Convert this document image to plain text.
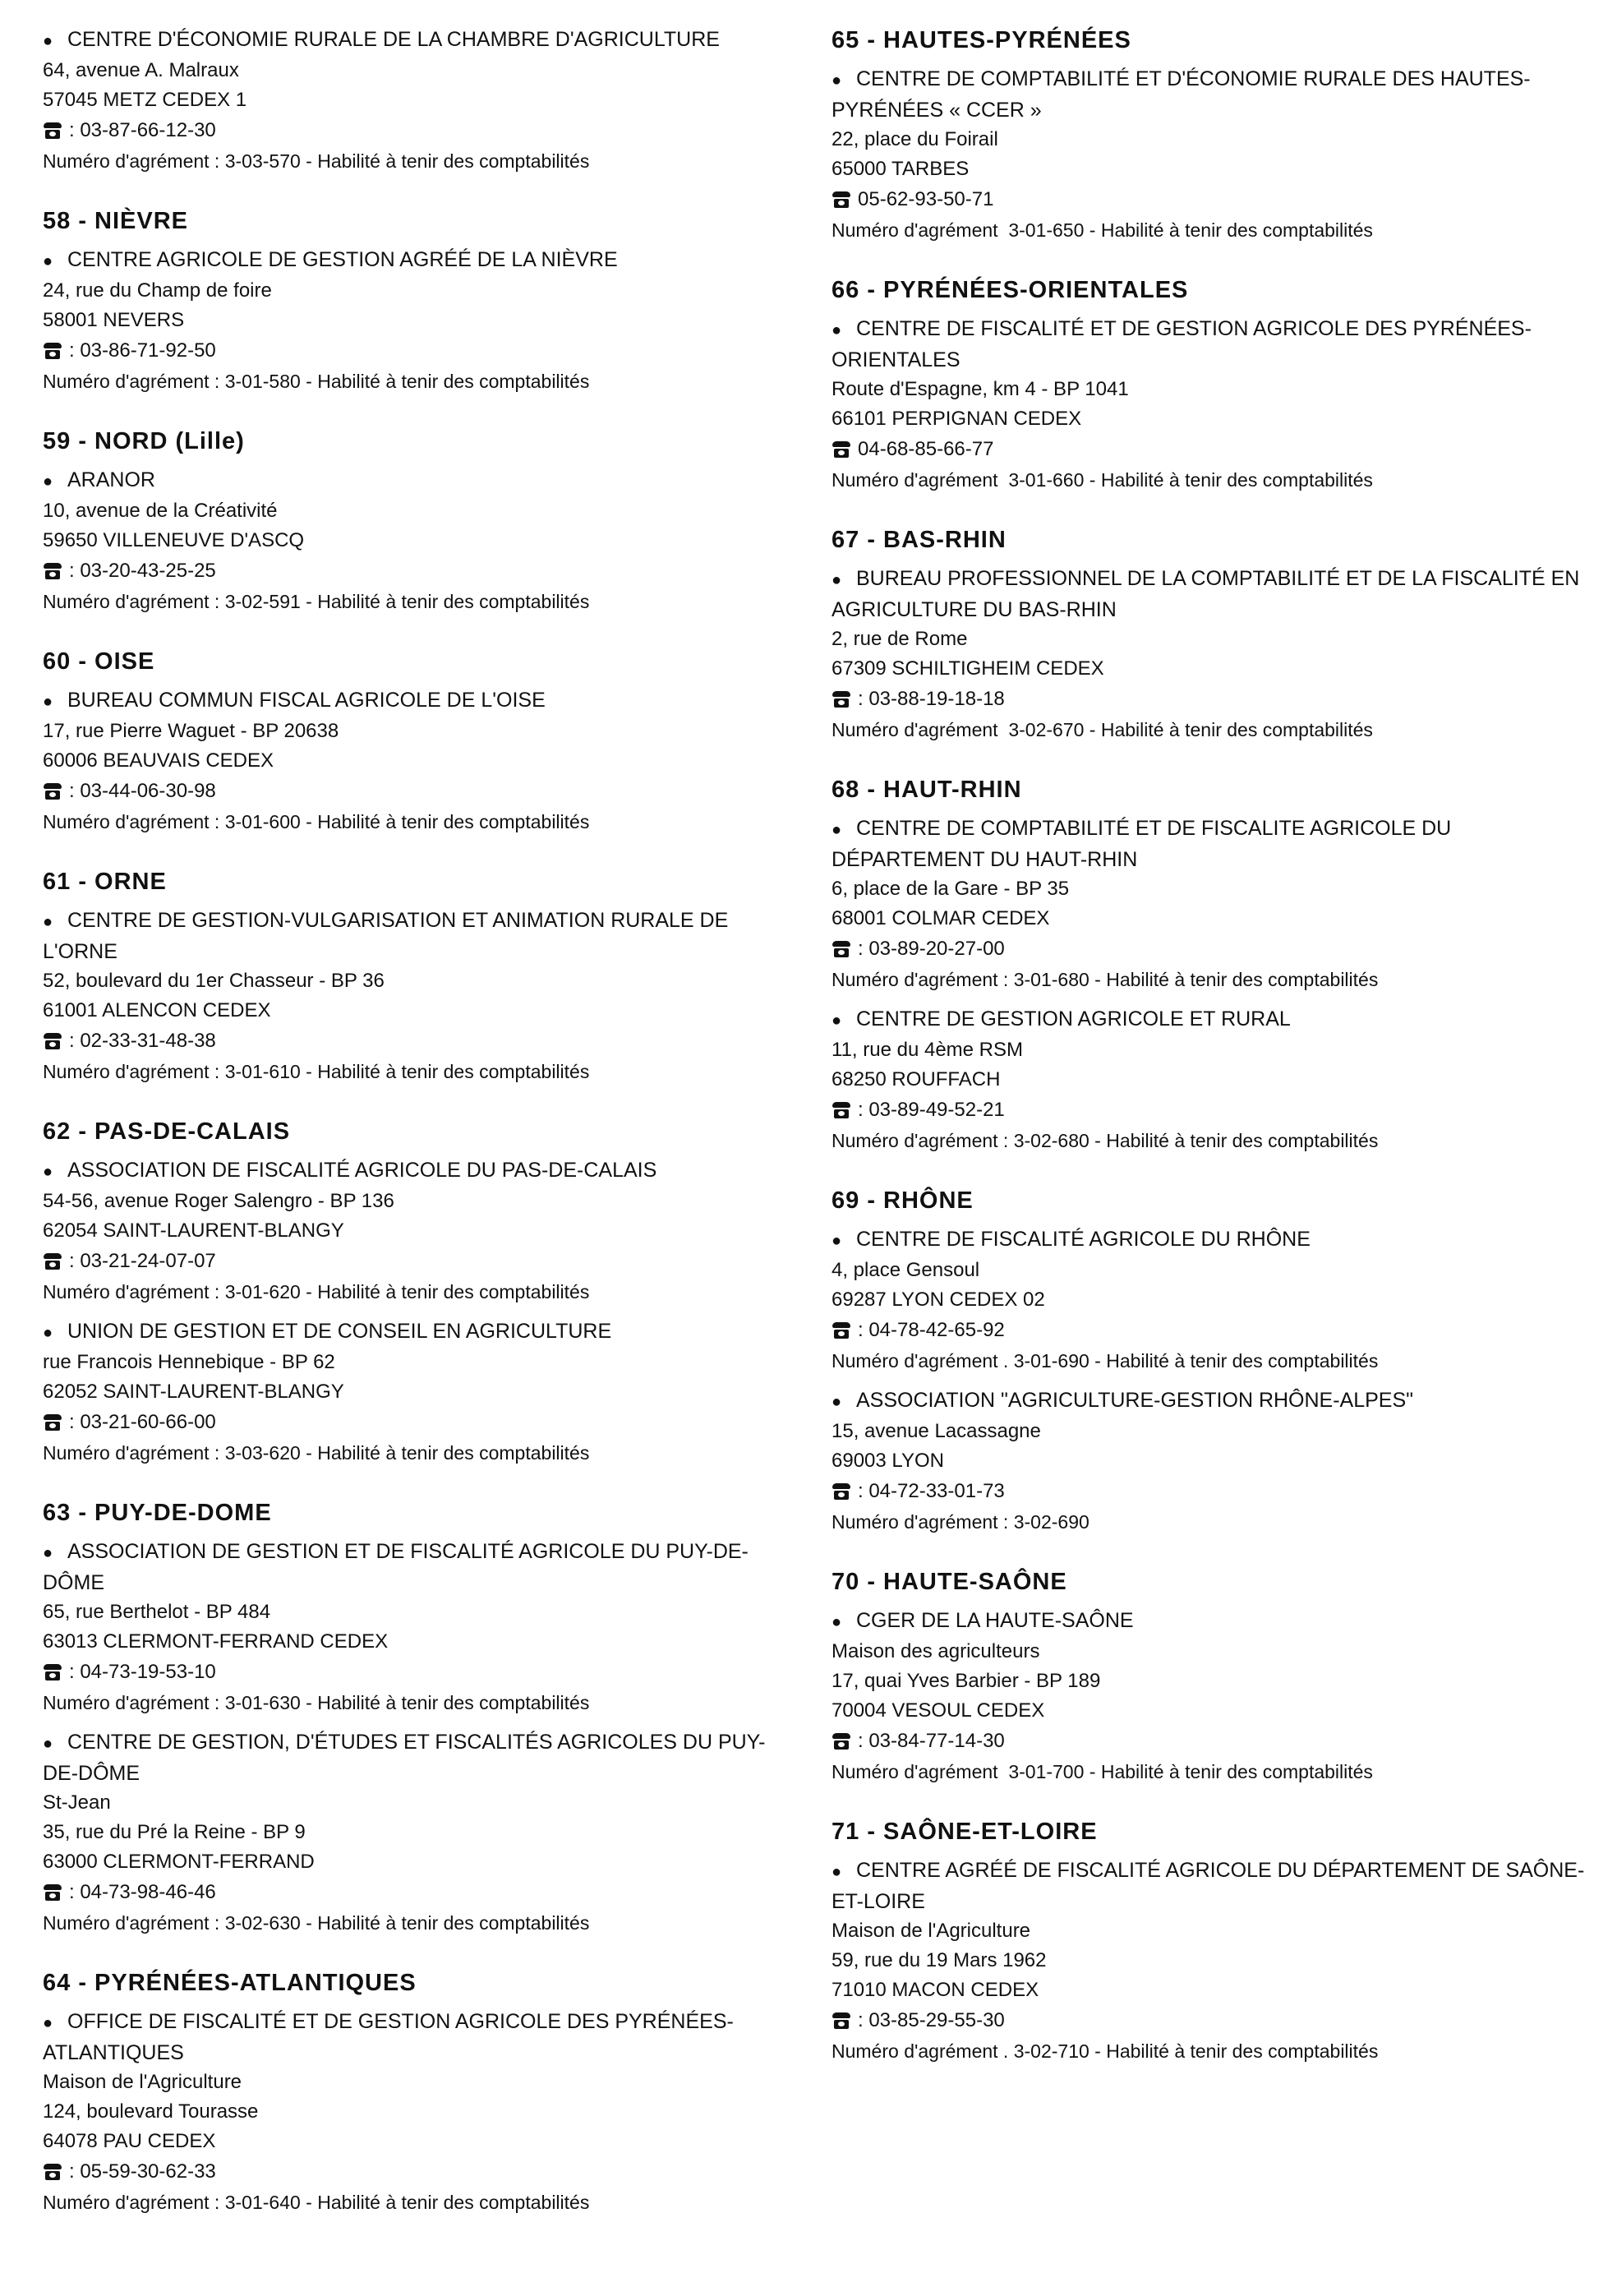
● CENTRE D'ÉCONOMIE RURALE DE LA CHAMBRE D'AGRICULTURE
64, avenue A. Malraux
57045 METZ CEDEX 1
: 03-87-66-12-30
Numéro d'agrément : 3-03-570 - Habilité à tenir des comptabilités
58 - NIÈVRE
● CENTRE AGRICOLE DE GESTION AGRÉÉ DE LA NIÈVRE
24, rue du Champ de foire
58001 NEVERS
: 03-86-71-92-50
Numéro d'agrément : 3-01-580 - Habilité à tenir des comptabilités
59 - NORD (Lille)
● ARANOR
10, avenue de la Créativité
59650 VILLENEUVE D'ASCQ
: 03-20-43-25-25
Numéro d'agrément : 3-02-591 - Habilité à tenir des comptabilités
60 - OISE
● BUREAU COMMUN FISCAL AGRICOLE DE L'OISE
17, rue Pierre Waguet - BP 20638
60006 BEAUVAIS CEDEX
: 03-44-06-30-98
Numéro d'agrément : 3-01-600 - Habilité à tenir des comptabilités
61 - ORNE
● CENTRE DE GESTION-VULGARISATION ET ANIMATION RURALE DE L'ORNE
52, boulevard du 1er Chasseur - BP 36
61001 ALENCON CEDEX
: 02-33-31-48-38
Numéro d'agrément : 3-01-610 - Habilité à tenir des comptabilités
62 - PAS-DE-CALAIS
● ASSOCIATION DE FISCALITÉ AGRICOLE DU PAS-DE-CALAIS
54-56, avenue Roger Salengro - BP 136
62054 SAINT-LAURENT-BLANGY
: 03-21-24-07-07
Numéro d'agrément : 3-01-620 - Habilité à tenir des comptabilités
● UNION DE GESTION ET DE CONSEIL EN AGRICULTURE
rue Francois Hennebique - BP 62
62052 SAINT-LAURENT-BLANGY
: 03-21-60-66-00
Numéro d'agrément : 3-03-620 - Habilité à tenir des comptabilités
63 - PUY-DE-DOME
● ASSOCIATION DE GESTION ET DE FISCALITÉ AGRICOLE DU PUY-DE-DÔME
65, rue Berthelot - BP 484
63013 CLERMONT-FERRAND CEDEX
: 04-73-19-53-10
Numéro d'agrément : 3-01-630 - Habilité à tenir des comptabilités
● CENTRE DE GESTION, D'ÉTUDES ET FISCALITÉS AGRICOLES DU PUY-DE-DÔME
St-Jean
35, rue du Pré la Reine - BP 9
63000 CLERMONT-FERRAND
: 04-73-98-46-46
Numéro d'agrément : 3-02-630 - Habilité à tenir des comptabilités
64 - PYRÉNÉES-ATLANTIQUES
● OFFICE DE FISCALITÉ ET DE GESTION AGRICOLE DES PYRÉNÉES-ATLANTIQUES
Maison de l'Agriculture
124, boulevard Tourasse
64078 PAU CEDEX
: 05-59-30-62-33
Numéro d'agrément : 3-01-640 - Habilité à tenir des comptabilités
65 - HAUTES-PYRÉNÉES
● CENTRE DE COMPTABILITÉ ET D'ÉCONOMIE RURALE DES HAUTES-PYRÉNÉES « CCER »
22, place du Foirail
65000 TARBES
05-62-93-50-71
Numéro d'agrément  3-01-650 - Habilité à tenir des comptabilités
66 - PYRÉNÉES-ORIENTALES
● CENTRE DE FISCALITÉ ET DE GESTION AGRICOLE DES PYRÉNÉES-ORIENTALES
Route d'Espagne, km 4 - BP 1041
66101 PERPIGNAN CEDEX
04-68-85-66-77
Numéro d'agrément  3-01-660 - Habilité à tenir des comptabilités
67 - BAS-RHIN
● BUREAU PROFESSIONNEL DE LA COMPTABILITÉ ET DE LA FISCALITÉ EN AGRICULTURE DU BAS-RHIN
2, rue de Rome
67309 SCHILTIGHEIM CEDEX
: 03-88-19-18-18
Numéro d'agrément  3-02-670 - Habilité à tenir des comptabilités
68 - HAUT-RHIN
● CENTRE DE COMPTABILITÉ ET DE FISCALITE AGRICOLE DU DÉPARTEMENT DU HAUT-RHIN
6, place de la Gare - BP 35
68001 COLMAR CEDEX
: 03-89-20-27-00
Numéro d'agrément : 3-01-680 - Habilité à tenir des comptabilités
● CENTRE DE GESTION AGRICOLE ET RURAL
11, rue du 4ème RSM
68250 ROUFFACH
: 03-89-49-52-21
Numéro d'agrément : 3-02-680 - Habilité à tenir des comptabilités
69 - RHÔNE
● CENTRE DE FISCALITÉ AGRICOLE DU RHÔNE
4, place Gensoul
69287 LYON CEDEX 02
: 04-78-42-65-92
Numéro d'agrément . 3-01-690 - Habilité à tenir des comptabilités
● ASSOCIATION "AGRICULTURE-GESTION RHÔNE-ALPES"
15, avenue Lacassagne
69003 LYON
: 04-72-33-01-73
Numéro d'agrément : 3-02-690
70 - HAUTE-SAÔNE
● CGER DE LA HAUTE-SAÔNE
Maison des agriculteurs
17, quai Yves Barbier - BP 189
70004 VESOUL CEDEX
: 03-84-77-14-30
Numéro d'agrément  3-01-700 - Habilité à tenir des comptabilités
71 - SAÔNE-ET-LOIRE
● CENTRE AGRÉÉ DE FISCALITÉ AGRICOLE DU DÉPARTEMENT DE SAÔNE-ET-LOIRE
Maison de l'Agriculture
59, rue du 19 Mars 1962
71010 MACON CEDEX
: 03-85-29-55-30
Numéro d'agrément . 3-02-710 - Habilité à tenir des comptabilités
